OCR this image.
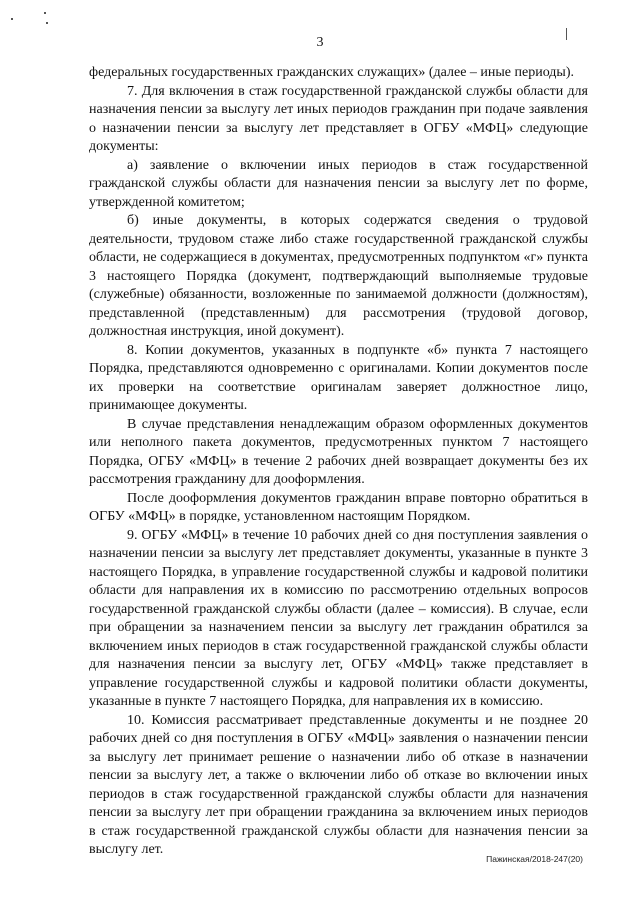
3

федеральных государственных гражданских служащих» (далее – иные периоды).

7. Для включения в стаж государственной гражданской службы области для назначения пенсии за выслугу лет иных периодов гражданин при подаче заявления о назначении пенсии за выслугу лет представляет в ОГБУ «МФЦ» следующие документы:

а) заявление о включении иных периодов в стаж государственной гражданской службы области для назначения пенсии за выслугу лет по форме, утвержденной комитетом;

б) иные документы, в которых содержатся сведения о трудовой деятельности, трудовом стаже либо стаже государственной гражданской службы области, не содержащиеся в документах, предусмотренных подпунктом «г» пункта 3 настоящего Порядка (документ, подтверждающий выполняемые трудовые (служебные) обязанности, возложенные по занимаемой должности (должностям), представленной (представленным) для рассмотрения (трудовой договор, должностная инструкция, иной документ).

8. Копии документов, указанных в подпункте «б» пункта 7 настоящего Порядка, представляются одновременно с оригиналами. Копии документов после их проверки на соответствие оригиналам заверяет должностное лицо, принимающее документы.

В случае представления ненадлежащим образом оформленных документов или неполного пакета документов, предусмотренных пунктом 7 настоящего Порядка, ОГБУ «МФЦ» в течение 2 рабочих дней возвращает документы без их рассмотрения гражданину для дооформления.

После дооформления документов гражданин вправе повторно обратиться в ОГБУ «МФЦ» в порядке, установленном настоящим Порядком.

9. ОГБУ «МФЦ» в течение 10 рабочих дней со дня поступления заявления о назначении пенсии за выслугу лет представляет документы, указанные в пункте 3 настоящего Порядка, в управление государственной службы и кадровой политики области для направления их в комиссию по рассмотрению отдельных вопросов государственной гражданской службы области (далее – комиссия). В случае, если при обращении за назначением пенсии за выслугу лет гражданин обратился за включением иных периодов в стаж государственной гражданской службы области для назначения пенсии за выслугу лет, ОГБУ «МФЦ» также представляет в управление государственной службы и кадровой политики области документы, указанные в пункте 7 настоящего Порядка, для направления их в комиссию.

10. Комиссия рассматривает представленные документы и не позднее 20 рабочих дней со дня поступления в ОГБУ «МФЦ» заявления о назначении пенсии за выслугу лет принимает решение о назначении либо об отказе в назначении пенсии за выслугу лет, а также о включении либо об отказе во включении иных периодов в стаж государственной гражданской службы области для назначения пенсии за выслугу лет при обращении гражданина за включением иных периодов в стаж государственной гражданской службы области для назначения пенсии за выслугу лет.

Пажинская/2018-247(20)
